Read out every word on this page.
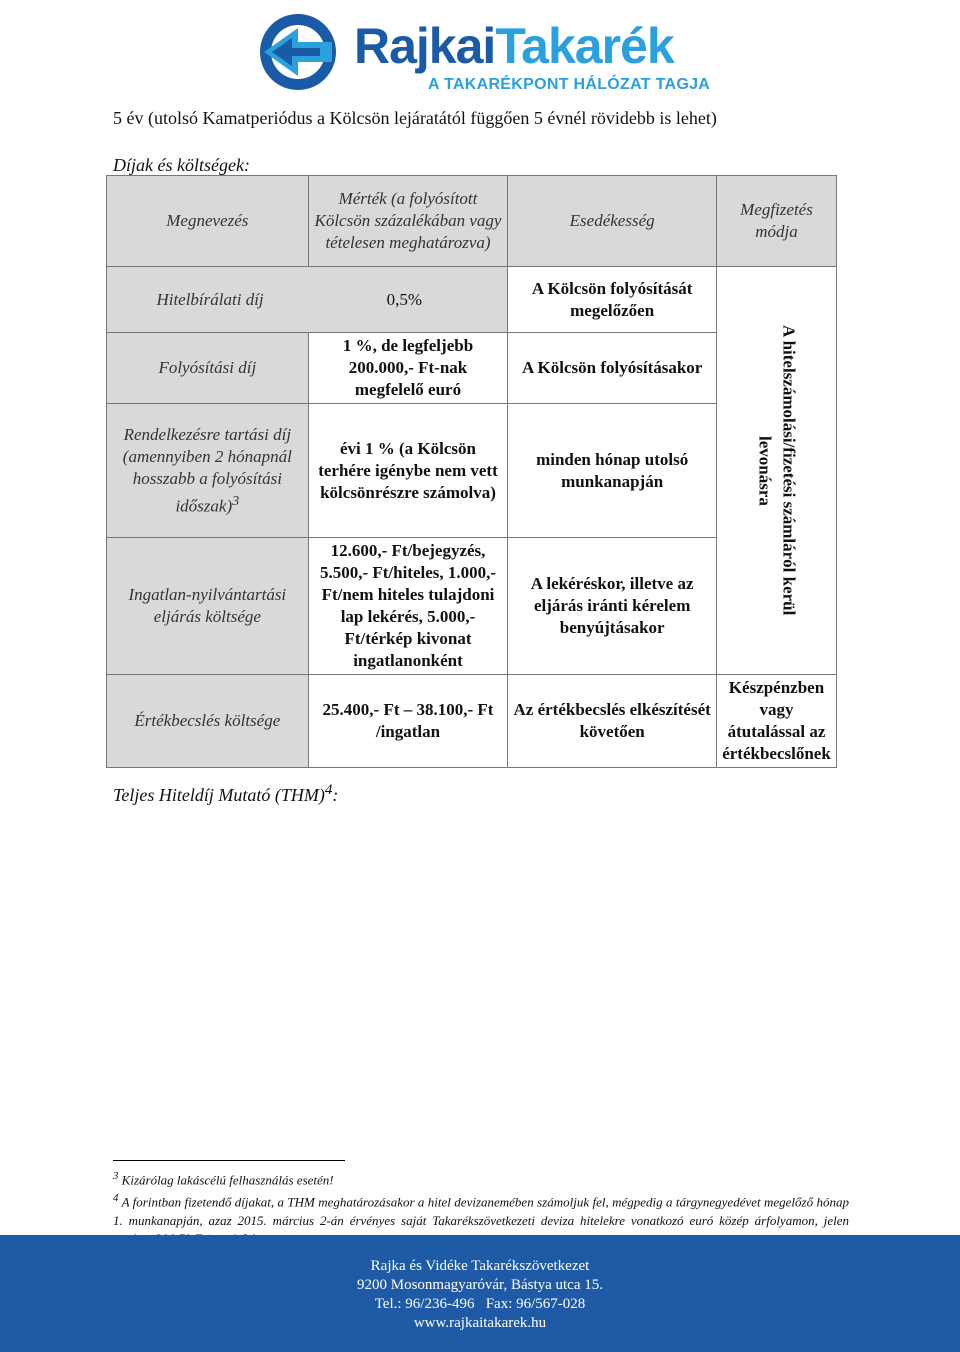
RajkaiTakarék
A TAKARÉKPONT HÁLÓZAT TAGJA
5 év (utolsó Kamatperiódus a Kölcsön lejáratától függően 5 évnél rövidebb is lehet)
Díjak és költségek:
Megnevezés	Mérték (a folyósított Kölcsön százalékában vagy tételesen meghatározva)	Esedékesség	Megfizetés módja
Hitelbírálati díj 0,5%		A Kölcsön folyósítását megelőzően	A hitelszámolási/fizetési számláról kerül levonásra

Folyósítási díj	1 %, de legfeljebb 200.000,- Ft-nak megfelelő euró	A Kölcsön folyósításakor	
Rendelkezésre tartási díj (amennyiben 2 hónapnál hosszabb a folyósítási időszak)$^3$	évi 1 % (a Kölcsön terhére igénybe nem vett kölcsönrészre számolva)	minden hónap utolsó munkanapján	
Ingatlan-nyilvántartási eljárás költsége	12.600,- Ft/bejegyzés, 5.500,- Ft/hiteles, 1.000,- Ft/nem hiteles tulajdoni lap lekérés, 5.000,- Ft/térkép kivonat ingatlanonként	A lekéréskor, illetve az eljárás iránti kérelem benyújtásakor	
Értékbecslés költsége	25.400,- Ft – 38.100,- Ft /ingatlan	Az értékbecslés elkészítését követően	Készpénzben vagy átutalással az értékbecslőnek
Teljes Hiteldíj Mutató (THM)$^4$:
$^3$ Kizárólag lakáscélú felhasználás esetén!
$^4$ A forintban fizetendő díjakat, a THM meghatározásakor a hitel devizanemében számoljuk fel, mégpedig a tárgynegyedévet megelőző hónap 1. munkanapján, azaz 2015. március 2-án érvényes saját Takarékszövetkezeti deviza hitelekre vonatkozó euró közép árfolyamon, jelen
Rajka és Vidéke Takarékszövetkezet
9200 Mosonmagyaróvár, Bástya utca 15.
Tel.: 96/236-496   Fax: 96/567-028
www.rajkaitakarek.hu
